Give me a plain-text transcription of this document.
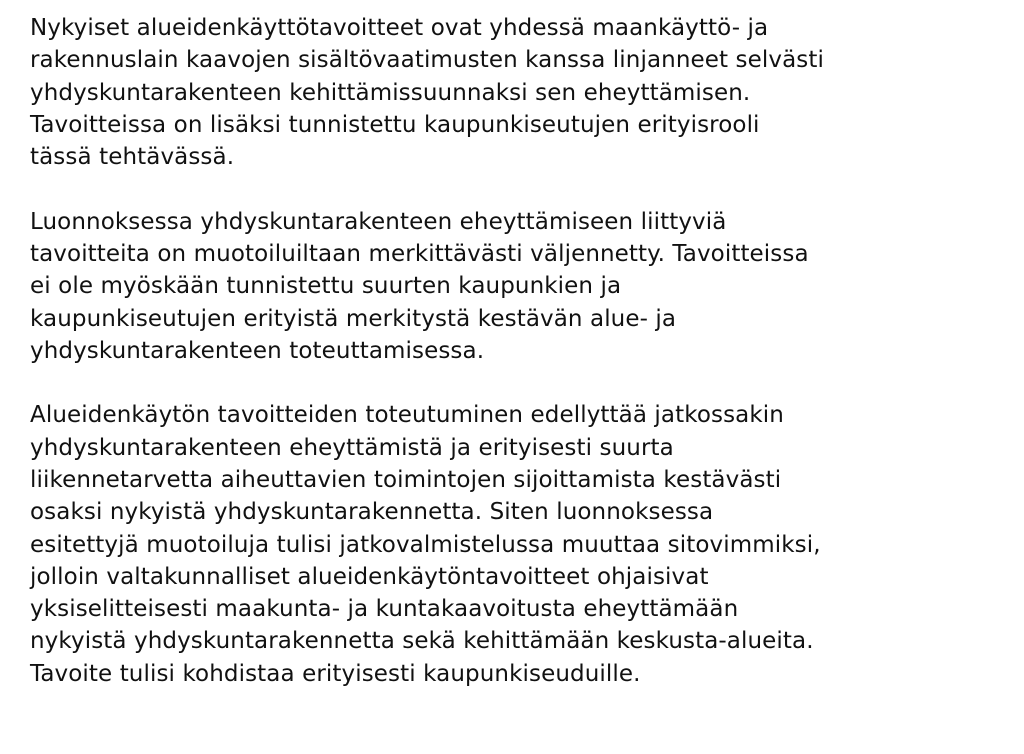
Nykyiset alueidenkäyttötavoitteet ovat yhdessä maankäyttö- ja
rakennuslain kaavojen sisältövaatimusten kanssa linjanneet selvästi
yhdyskuntarakenteen kehittämissuunnaksi sen eheyttämisen.
Tavoitteissa on lisäksi tunnistettu kaupunkiseutujen erityisrooli
tässä tehtävässä.

Luonnoksessa yhdyskuntarakenteen eheyttämiseen liittyviä
tavoitteita on muotoiluiltaan merkittävästi väljennetty. Tavoitteissa
ei ole myöskään tunnistettu suurten kaupunkien ja
kaupunkiseutujen erityistä merkitystä kestävän alue- ja
yhdyskuntarakenteen toteuttamisessa.

Alueidenkäytön tavoitteiden toteutuminen edellyttää jatkossakin
yhdyskuntarakenteen eheyttämistä ja erityisesti suurta
liikennetarvetta aiheuttavien toimintojen sijoittamista kestävästi
osaksi nykyistä yhdyskuntarakennetta. Siten luonnoksessa
esitettyjä muotoiluja tulisi jatkovalmistelussa muuttaa sitovimmiksi,
jolloin valtakunnalliset alueidenkäytöntavoitteet ohjaisivat
yksiselitteisesti maakunta- ja kuntakaavoitusta eheyttämään
nykyistä yhdyskuntarakennetta sekä kehittämään keskusta-alueita.
Tavoite tulisi kohdistaa erityisesti kaupunkiseuduille.
